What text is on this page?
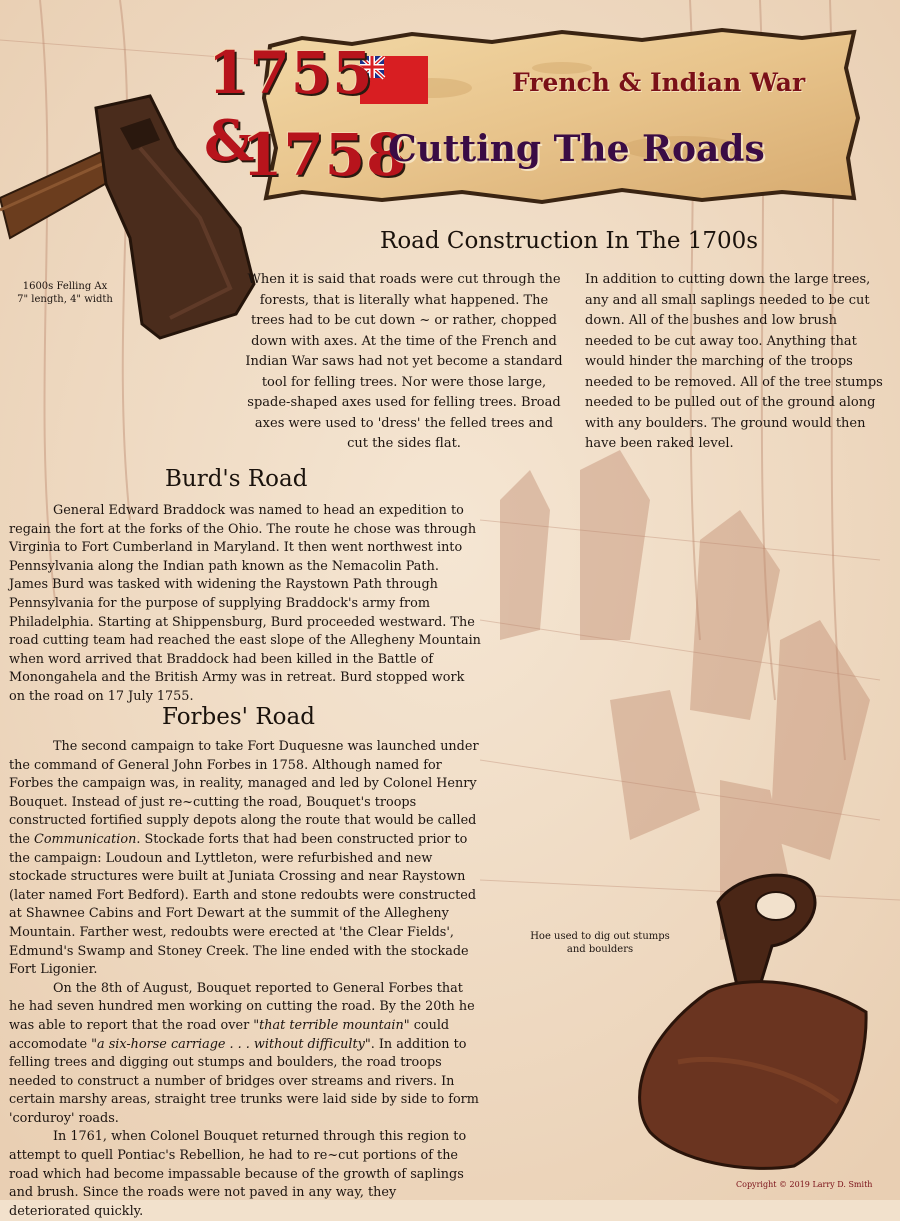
1755
&
1758
French & Indian War
Cutting The Roads
1600s Felling Ax
7" length, 4" width
Road Construction In The 1700s
When it is said that roads were cut through the forests, that is literally what happened. The trees had to be cut down ~ or rather, chopped down with axes. At the time of the French and Indian War saws had not yet become a standard tool for felling trees. Nor were those large, spade-shaped axes used for felling trees. Broad axes were used to 'dress' the felled trees and cut the sides flat.
In addition to cutting down the large trees, any and all small saplings needed to be cut down. All of the bushes and low brush needed to be cut away too. Anything that would hinder the marching of the troops needed to be removed. All of the tree stumps needed to be pulled out of the ground along with any boulders. The ground would then have been raked level.
Burd's Road

General Edward Braddock was named to head an expedition to regain the fort at the forks of the Ohio. The route he chose was through Virginia to Fort Cumberland in Maryland. It then went northwest into Pennsylvania along the Indian path known as the Nemacolin Path. James Burd was tasked with widening the Raystown Path through Pennsylvania for the purpose of supplying Braddock's army from Philadelphia. Starting at Shippensburg, Burd proceeded westward. The road cutting team had reached the east slope of the Allegheny Mountain when word arrived that Braddock had been killed in the Battle of Monongahela and the British Army was in retreat. Burd stopped work on the road on 17 July 1755.

Forbes' Road

The second campaign to take Fort Duquesne was launched under the command of General John Forbes in 1758. Although named for Forbes the campaign was, in reality, managed and led by Colonel Henry Bouquet. Instead of just re~cutting the road, Bouquet's troops constructed fortified supply depots along the route that would be called the Communication. Stockade forts that had been constructed prior to the campaign: Loudoun and Lyttleton, were refurbished and new stockade structures were built at Juniata Crossing and near Raystown (later named Fort Bedford). Earth and stone redoubts were constructed at Shawnee Cabins and Fort Dewart at the summit of the Allegheny Mountain. Farther west, redoubts were erected at 'the Clear Fields', Edmund's Swamp and Stoney Creek. The line ended with the stockade Fort Ligonier.

On the 8th of August, Bouquet reported to General Forbes that he had seven hundred men working on cutting the road. By the 20th he was able to report that the road over "that terrible mountain" could accomodate "a six-horse carriage . . . without difficulty". In addition to felling trees and digging out stumps and boulders, the road troops needed to construct a number of bridges over streams and rivers. In certain marshy areas, straight tree trunks were laid side by side to form 'corduroy' roads.

In 1761, when Colonel Bouquet returned through this region to attempt to quell Pontiac's Rebellion, he had to re~cut portions of the road which had become impassable because of the growth of saplings and brush. Since the roads were not paved in any way, they deteriorated quickly.

Hoe used to dig out stumps
and boulders
Copyright © 2019 Larry D. Smith
